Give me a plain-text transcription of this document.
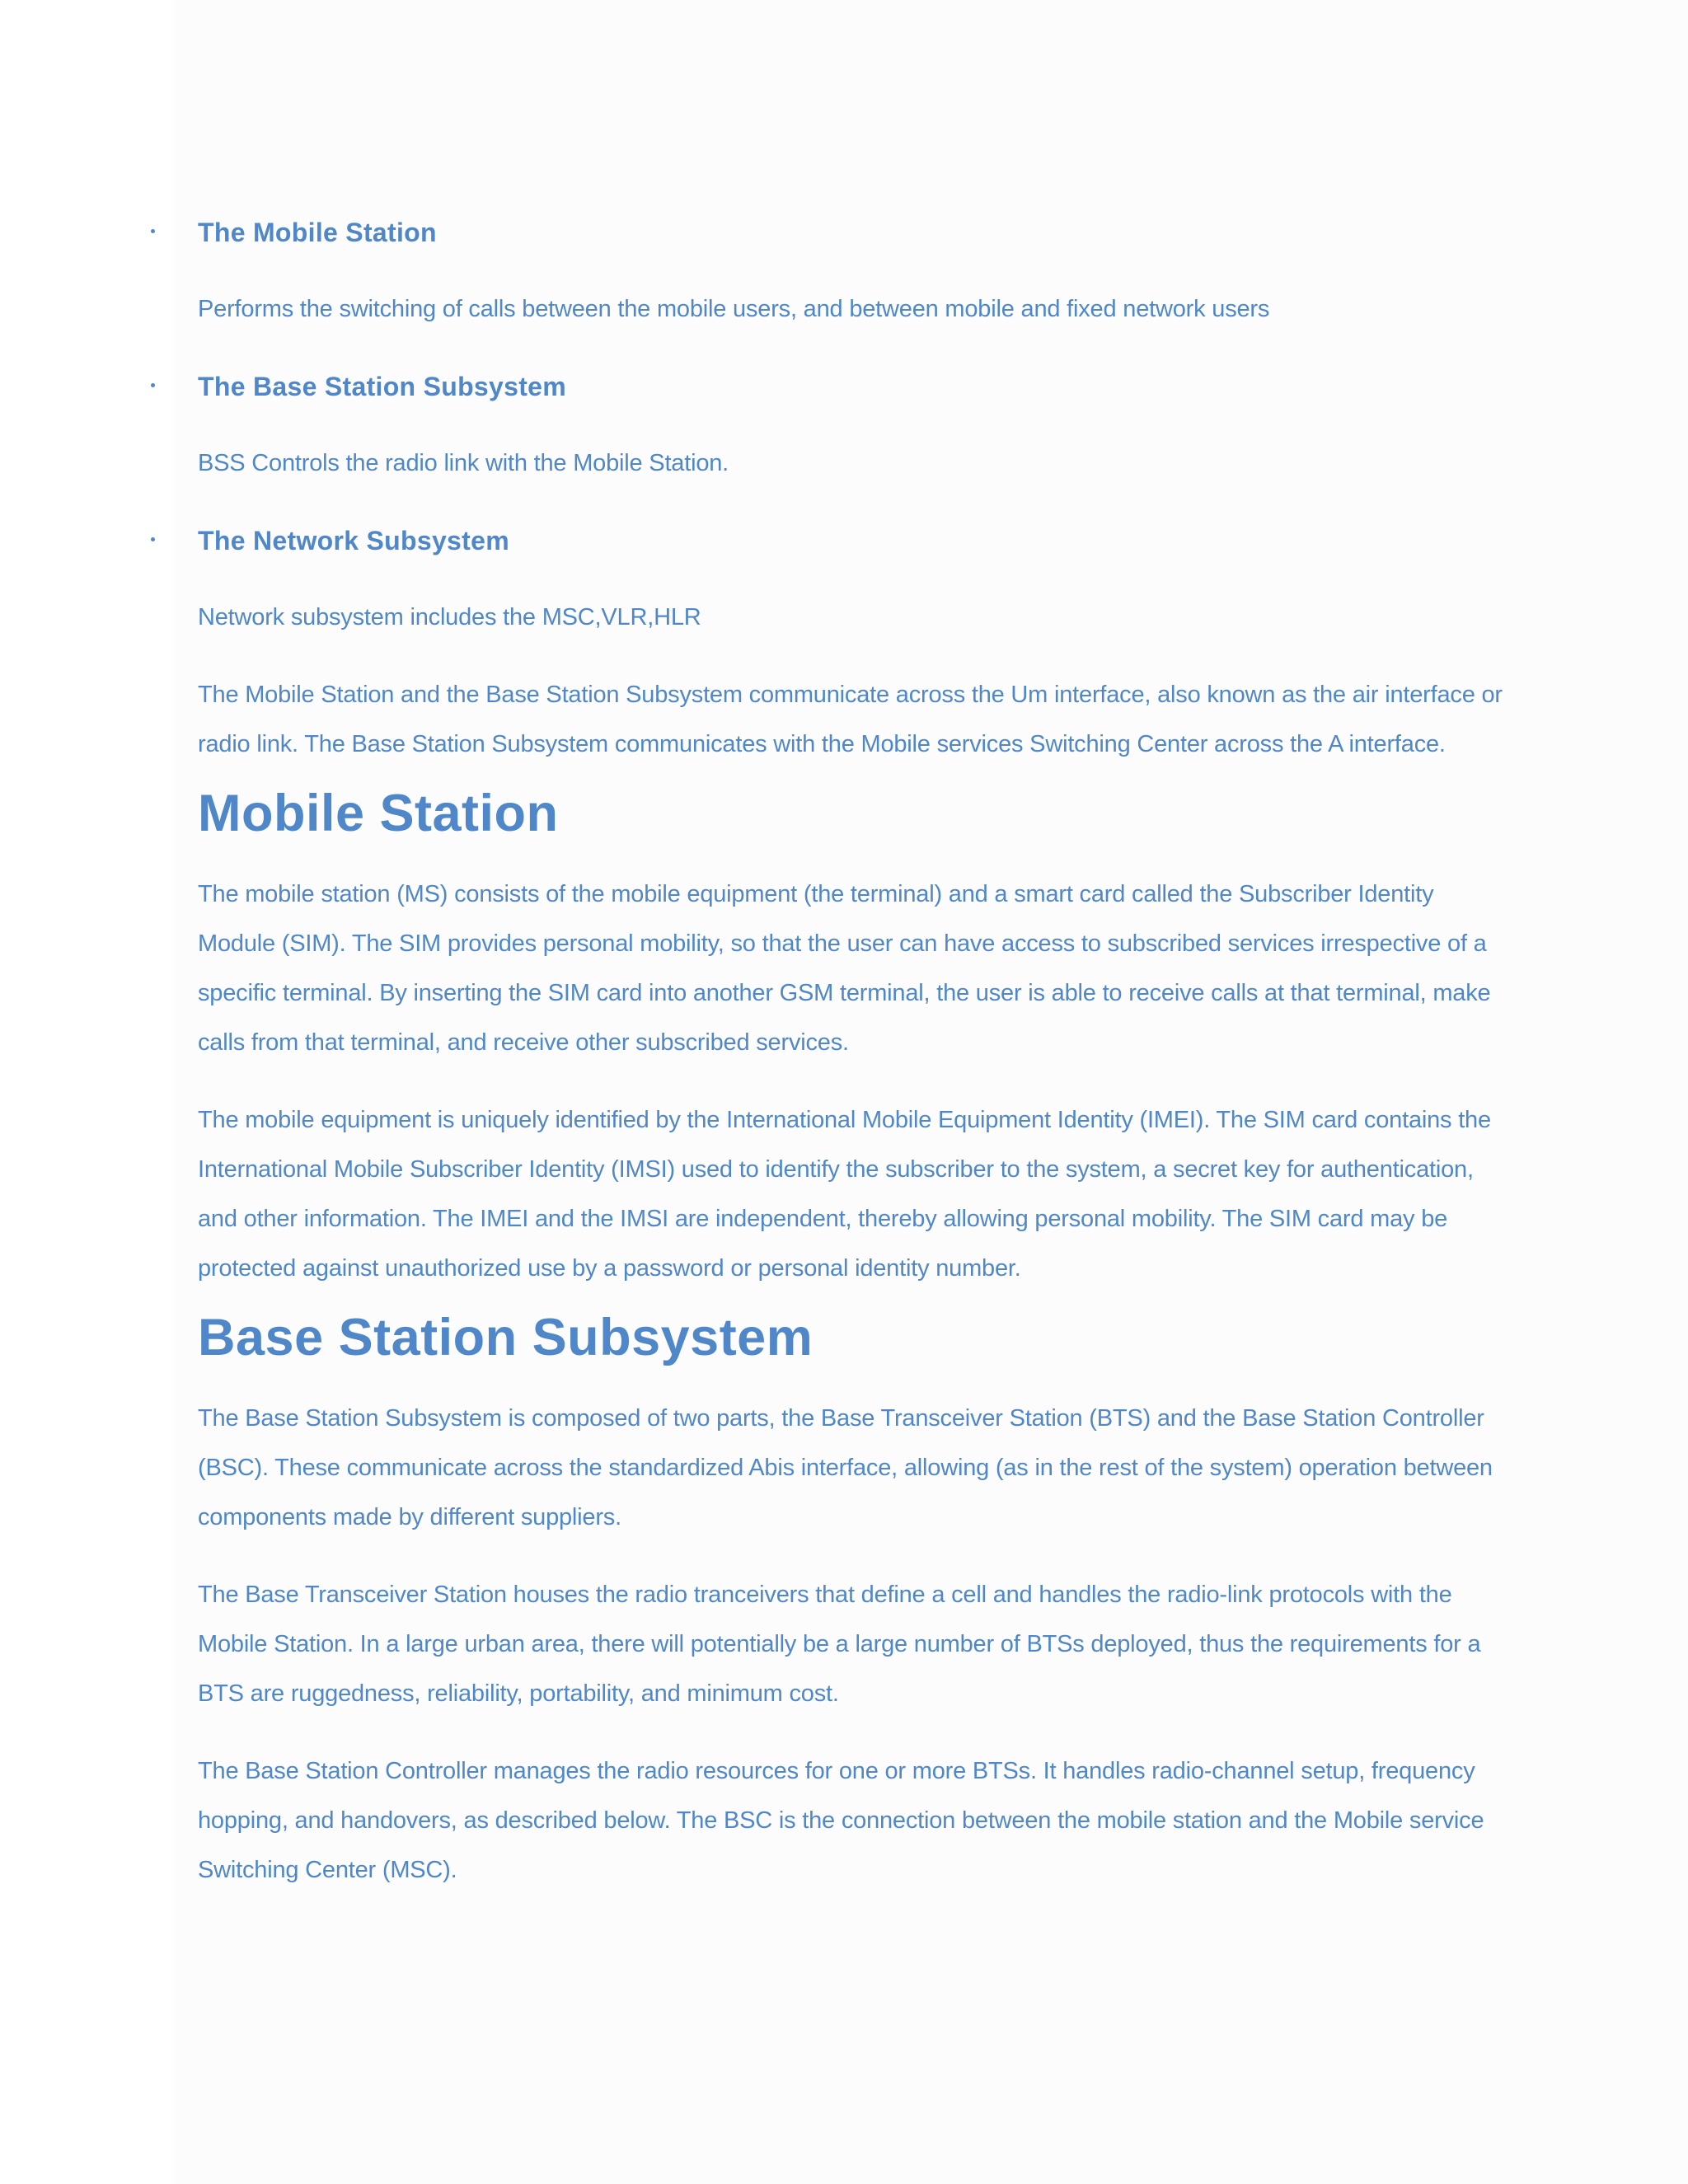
The Mobile Station

Performs the switching of calls between the mobile users, and between mobile and fixed network users

The Base Station Subsystem

BSS Controls the radio link with the Mobile Station.

The Network Subsystem

Network subsystem includes the MSC,VLR,HLR

The Mobile Station and the Base Station Subsystem communicate across the Um interface, also known as the air interface or radio link. The Base Station Subsystem communicates with the Mobile services Switching Center across the A interface.

Mobile Station

The mobile station (MS) consists of the mobile equipment (the terminal) and a smart card called the Subscriber Identity Module (SIM). The SIM provides personal mobility, so that the user can have access to subscribed services irrespective of a specific terminal. By inserting the SIM card into another GSM terminal, the user is able to receive calls at that terminal, make calls from that terminal, and receive other subscribed services.

The mobile equipment is uniquely identified by the International Mobile Equipment Identity (IMEI). The SIM card contains the International Mobile Subscriber Identity (IMSI) used to identify the subscriber to the system, a secret key for authentication, and other information. The IMEI and the IMSI are independent, thereby allowing personal mobility. The SIM card may be protected against unauthorized use by a password or personal identity number.

Base Station Subsystem

The Base Station Subsystem is composed of two parts, the Base Transceiver Station (BTS) and the Base Station Controller (BSC). These communicate across the standardized Abis interface, allowing (as in the rest of the system) operation between components made by different suppliers.

The Base Transceiver Station houses the radio tranceivers that define a cell and handles the radio-link protocols with the Mobile Station. In a large urban area, there will potentially be a large number of BTSs deployed, thus the requirements for a BTS are ruggedness, reliability, portability, and minimum cost.

The Base Station Controller manages the radio resources for one or more BTSs. It handles radio-channel setup, frequency hopping, and handovers, as described below. The BSC is the connection between the mobile station and the Mobile service Switching Center (MSC).
